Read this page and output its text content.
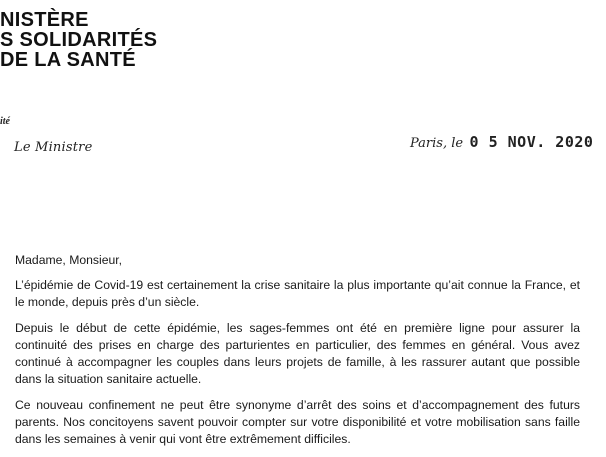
NISTÈRE
S SOLIDARITÉS
DE LA SANTÉ
ité
Le Ministre	Paris, le 0 5 NOV. 2020

Madame, Monsieur,

L’épidémie de Covid-19 est certainement la crise sanitaire la plus importante qu’ait connue la France, et le monde, depuis près d’un siècle.

Depuis le début de cette épidémie, les sages-femmes ont été en première ligne pour assurer la continuité des prises en charge des parturientes en particulier, des femmes en général. Vous avez continué à accompagner les couples dans leurs projets de famille, à les rassurer autant que possible dans la situation sanitaire actuelle.

Ce nouveau confinement ne peut être synonyme d’arrêt des soins et d’accompagnement des futurs parents. Nos concitoyens savent pouvoir compter sur votre disponibilité et votre mobilisation sans faille dans les semaines à venir qui vont être extrêmement difficiles.
